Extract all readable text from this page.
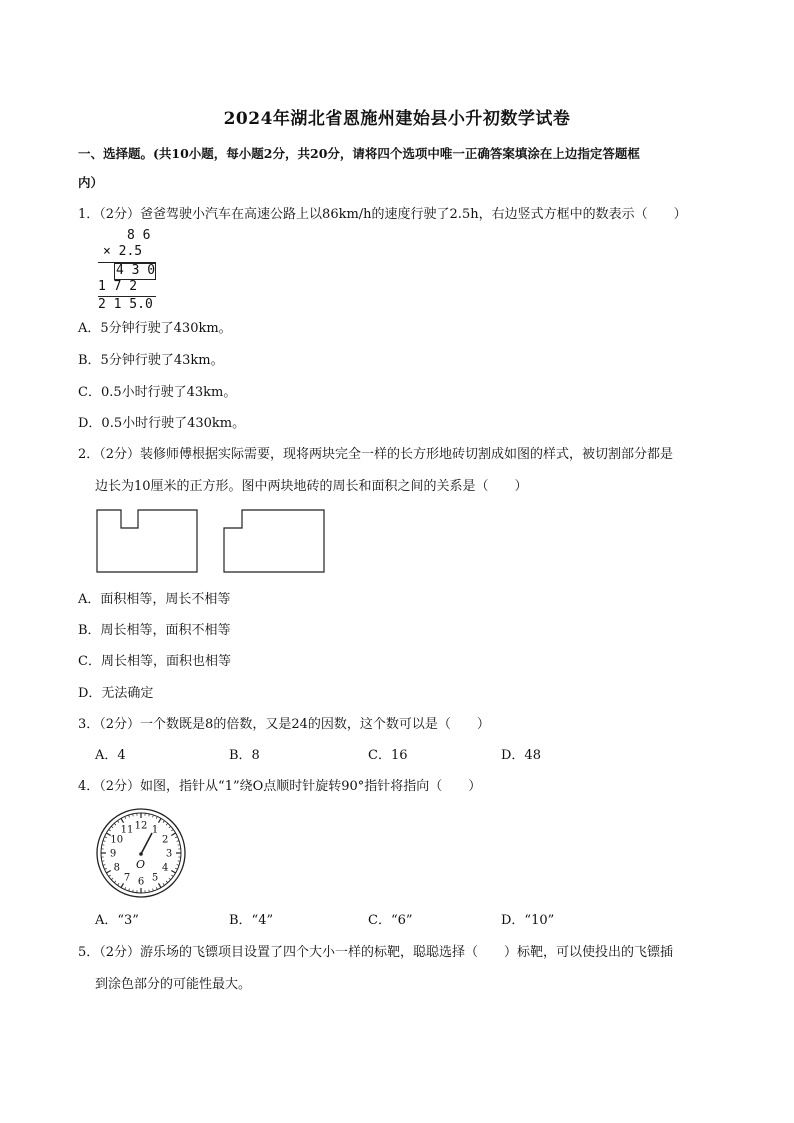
2024年湖北省恩施州建始县小升初数学试卷
一、选择题。(共10小题，每小题2分，共20分，请将四个选项中唯一正确答案填涂在上边指定答题框
内）
1．（2分）爸爸驾驶小汽车在高速公路上以86km/h的速度行驶了2.5h，右边竖式方框中的数表示（　　）
8 6
× 2.5
4 3 0
1 7 2
2 1 5.0
A．5分钟行驶了430km。
B．5分钟行驶了43km。
C．0.5小时行驶了43km。
D．0.5小时行驶了430km。
2．（2分）装修师傅根据实际需要，现将两块完全一样的长方形地砖切割成如图的样式，被切割部分都是
边长为10厘米的正方形。图中两块地砖的周长和面积之间的关系是（　　）
A．面积相等，周长不相等
B．周长相等，面积不相等
C．周长相等，面积也相等
D．无法确定
3．（2分）一个数既是8的倍数，又是24的因数，这个数可以是（　　）
A．4	B．8	C．16	D．48
4．（2分）如图，指针从“1”绕O点顺时针旋转90°指针将指向（　　）
12 1
2
3
4
5
6
7
8
9
10
11
O
A．“3”	B．“4”	C．“6”	D．“10”
5．（2分）游乐场的飞镖项目设置了四个大小一样的标靶，聪聪选择（　　）标靶，可以使投出的飞镖插
到涂色部分的可能性最大。
